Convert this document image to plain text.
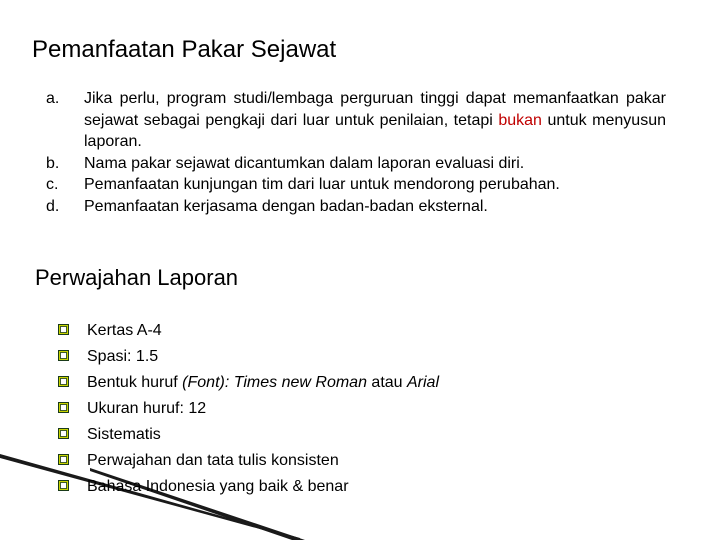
Pemanfaatan Pakar Sejawat
a. Jika perlu, program studi/lembaga perguruan tinggi dapat memanfaatkan pakar sejawat sebagai pengkaji dari luar untuk penilaian, tetapi bukan untuk menyusun laporan.
b. Nama pakar sejawat dicantumkan dalam laporan evaluasi diri.
c. Pemanfaatan kunjungan tim dari luar untuk mendorong perubahan.
d. Pemanfaatan kerjasama dengan badan-badan eksternal.
Perwajahan Laporan
Kertas A-4
Spasi: 1.5
Bentuk huruf (Font): Times new Roman atau Arial
Ukuran huruf: 12
Sistematis
Perwajahan dan tata tulis konsisten
Bahasa Indonesia yang baik & benar
